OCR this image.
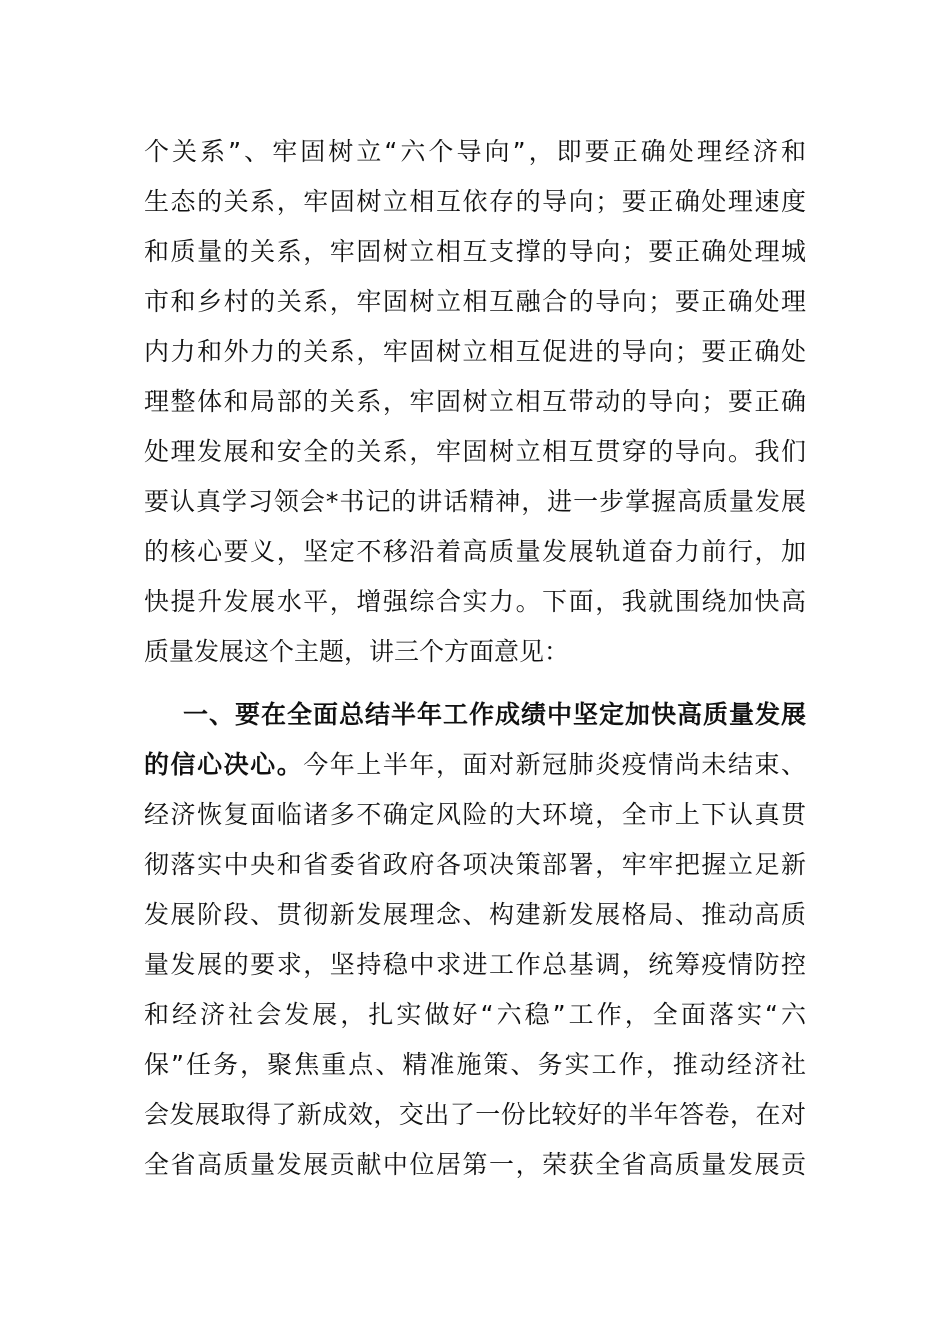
个关系”、牢固树立“六个导向”，即要正确处理经济和
生态的关系，牢固树立相互依存的导向；要正确处理速度
和质量的关系，牢固树立相互支撑的导向；要正确处理城
市和乡村的关系，牢固树立相互融合的导向；要正确处理
内力和外力的关系，牢固树立相互促进的导向；要正确处
理整体和局部的关系，牢固树立相互带动的导向；要正确
处理发展和安全的关系，牢固树立相互贯穿的导向。我们
要认真学习领会*书记的讲话精神，进一步掌握高质量发展
的核心要义，坚定不移沿着高质量发展轨道奋力前行，加
快提升发展水平，增强综合实力。下面，我就围绕加快高
质量发展这个主题，讲三个方面意见：
一、要在全面总结半年工作成绩中坚定加快高质量发展
的信心决心。今年上半年，面对新冠肺炎疫情尚未结束、
经济恢复面临诸多不确定风险的大环境，全市上下认真贯
彻落实中央和省委省政府各项决策部署，牢牢把握立足新
发展阶段、贯彻新发展理念、构建新发展格局、推动高质
量发展的要求，坚持稳中求进工作总基调，统筹疫情防控
和经济社会发展，扎实做好“六稳”工作，全面落实“六
保”任务，聚焦重点、精准施策、务实工作，推动经济社
会发展取得了新成效，交出了一份比较好的半年答卷，在对
全省高质量发展贡献中位居第一，荣获全省高质量发展贡
